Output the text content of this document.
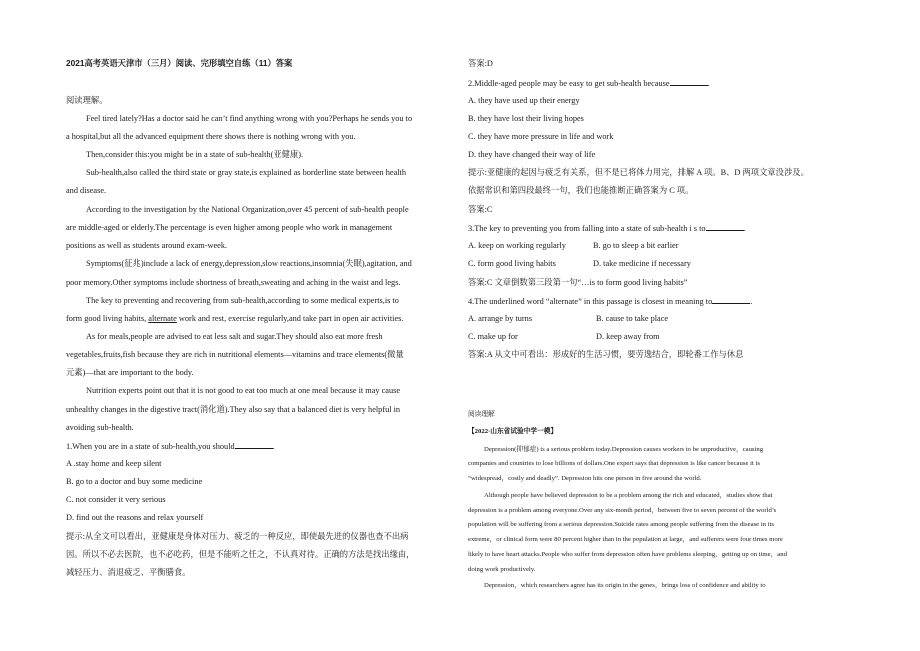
2021高考英语天津市（三月）阅读、完形填空自练（11）答案
阅读理解。
Feel tired lately?Has a doctor said he can’t find anything wrong with you?Perhaps he sends you to
a hospital,but all the advanced equipment there shows there is nothing wrong with you.
Then,consider this:you might be in a state of sub-health(亚健康).
Sub-health,also called the third state or gray state,is explained as borderline state between health
and disease.
According to the investigation by the National Organization,over 45 percent of sub-health people
are middle-aged or elderly.The percentage is even higher among people who work in management
positions as well as students around exam-week.
Symptoms(征兆)include a lack of energy,depression,slow reactions,insomnia(失眠),agitation, and
poor memory.Other symptoms include shortness of breath,sweating and aching in the waist and legs.
The key to preventing and recovering from sub-health,according to some medical experts,is to
form good living habits, alternate work and rest, exercise regularly,and take part in open air activities.
As for meals,people are advised to eat less salt and sugar.They should also eat more fresh
vegetables,fruits,fish because they are rich in nutritional elements—vitamins and trace elements(微量
元素)—that are important to the body.
Nutrition experts point out that it is not good to eat too much at one meal because it may cause
unhealthy changes in the digestive tract(消化道).They also say that a balanced diet is very helpful in
avoiding sub-health.
1.When you are in a state of sub-health,you should	.
A .stay home and keep silent
B. go to a doctor and buy some medicine
C. not consider it very serious
D. find out the reasons and relax yourself
提示:从全文可以看出，亚健康是身体对压力、疲乏的一种反应，即使最先进的仪器也查不出病
因。所以不必去医院，也不必吃药，但是不能听之任之，不认真对待。正确的方法是找出缘由，
减轻压力、消退疲乏、平衡膳食。
答案:D
2.Middle-aged people may be easy to get sub-health because	.
A. they have used up their energy
B. they have lost their living hopes
C. they have more pressure in life and work
D. they have changed their way of life
提示:亚健康的起因与疲乏有关系，但不是已将体力用完，排解 A 项。B、D 两项文章没涉及。
依据常识和第四段最终一句，我们也能推断正确答案为 C 项。
答案:C
3.The key to preventing you from falling into a state of sub-health i s to	.
A. keep on working regularly	B. go to sleep a bit earlier
C. form good living habits	D. take medicine if necessary
答案:C 文章倒数第三段第一句“…is to form good living habits”
4.The underlined word “alternate” in this passage is closest in meaning to	.
A. arrange by turns	B. cause to take place
C. make up for	D. keep away from
答案:A 从文中可看出：形成好的生活习惯，要劳逸结合，即轮番工作与休息
阅读理解
【2022·山东省试验中学一模】
Depression(抑郁症) is a serious problem today.Depression causes workers to be unproductive，causing
companies and countries to lose billions of dollars.One expert says that depression is like cancer because it is
“widespread，costly and deadly”. Depression hits one person in five around the world.
Although people have believed depression to be a problem among the rich and educated，studies show that
depression is a problem among everyone.Over any six-month period，between five to seven percent of the world’s
population will be suffering from a serious depression.Suicide rates among people suffering from the disease in its
extreme，or clinical form were 80 percent higher than in the population at large，and sufferers were four times more
likely to have heart attacks.People who suffer from depression often have problems sleeping，getting up on time，and
doing work productively.
Depression，which researchers agree has its origin in the genes，brings loss of confidence and ability to
